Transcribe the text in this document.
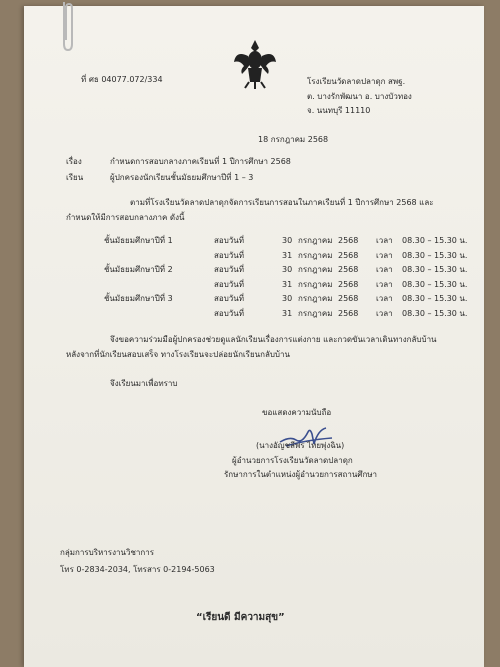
ที่ ศธ 04077.072/334	โรงเรียนวัดลาดปลาดุก สพฐ.
ต. บางรักพัฒนา อ. บางบัวทอง
จ. นนทบุรี 11110
18 กรกฎาคม 2568
เรื่อง	กำหนดการสอบกลางภาคเรียนที่ 1 ปีการศึกษา 2568
เรียน	ผู้ปกครองนักเรียนชั้นมัธยมศึกษาปีที่ 1 – 3
ตามที่โรงเรียนวัดลาดปลาดุกจัดการเรียนการสอนในภาคเรียนที่ 1 ปีการศึกษา 2568 และ
กำหนดให้มีการสอบกลางภาค ดังนี้
ชั้นมัธยมศึกษาปีที่ 1	สอบวันที่	30 กรกฎาคม 2568 เวลา 08.30 – 15.30 น.
สอบวันที่	31 กรกฎาคม 2568 เวลา 08.30 – 15.30 น.
ชั้นมัธยมศึกษาปีที่ 2	สอบวันที่	30 กรกฎาคม 2568 เวลา 08.30 – 15.30 น.
สอบวันที่	31 กรกฎาคม 2568 เวลา 08.30 – 15.30 น.
ชั้นมัธยมศึกษาปีที่ 3	สอบวันที่	30 กรกฎาคม 2568 เวลา 08.30 – 15.30 น.
สอบวันที่	31 กรกฎาคม 2568 เวลา 08.30 – 15.30 น.
จึงขอความร่วมมือผู้ปกครองช่วยดูแลนักเรียนเรื่องการแต่งกาย และกวดขันเวลาเดินทางกลับบ้าน
หลังจากที่นักเรียนสอบเสร็จ ทางโรงเรียนจะปล่อยนักเรียนกลับบ้าน
จึงเรียนมาเพื่อทราบ
ขอแสดงความนับถือ
(นางอัญชลีพร ไทยพุ่งฉิน)
ผู้อำนวยการโรงเรียนวัดลาดปลาดุก
รักษาการในตำแหน่งผู้อำนวยการสถานศึกษา
กลุ่มการบริหารงานวิชาการ
โทร 0-2834-2034, โทรสาร 0-2194-5063
“เรียนดี มีความสุข”
